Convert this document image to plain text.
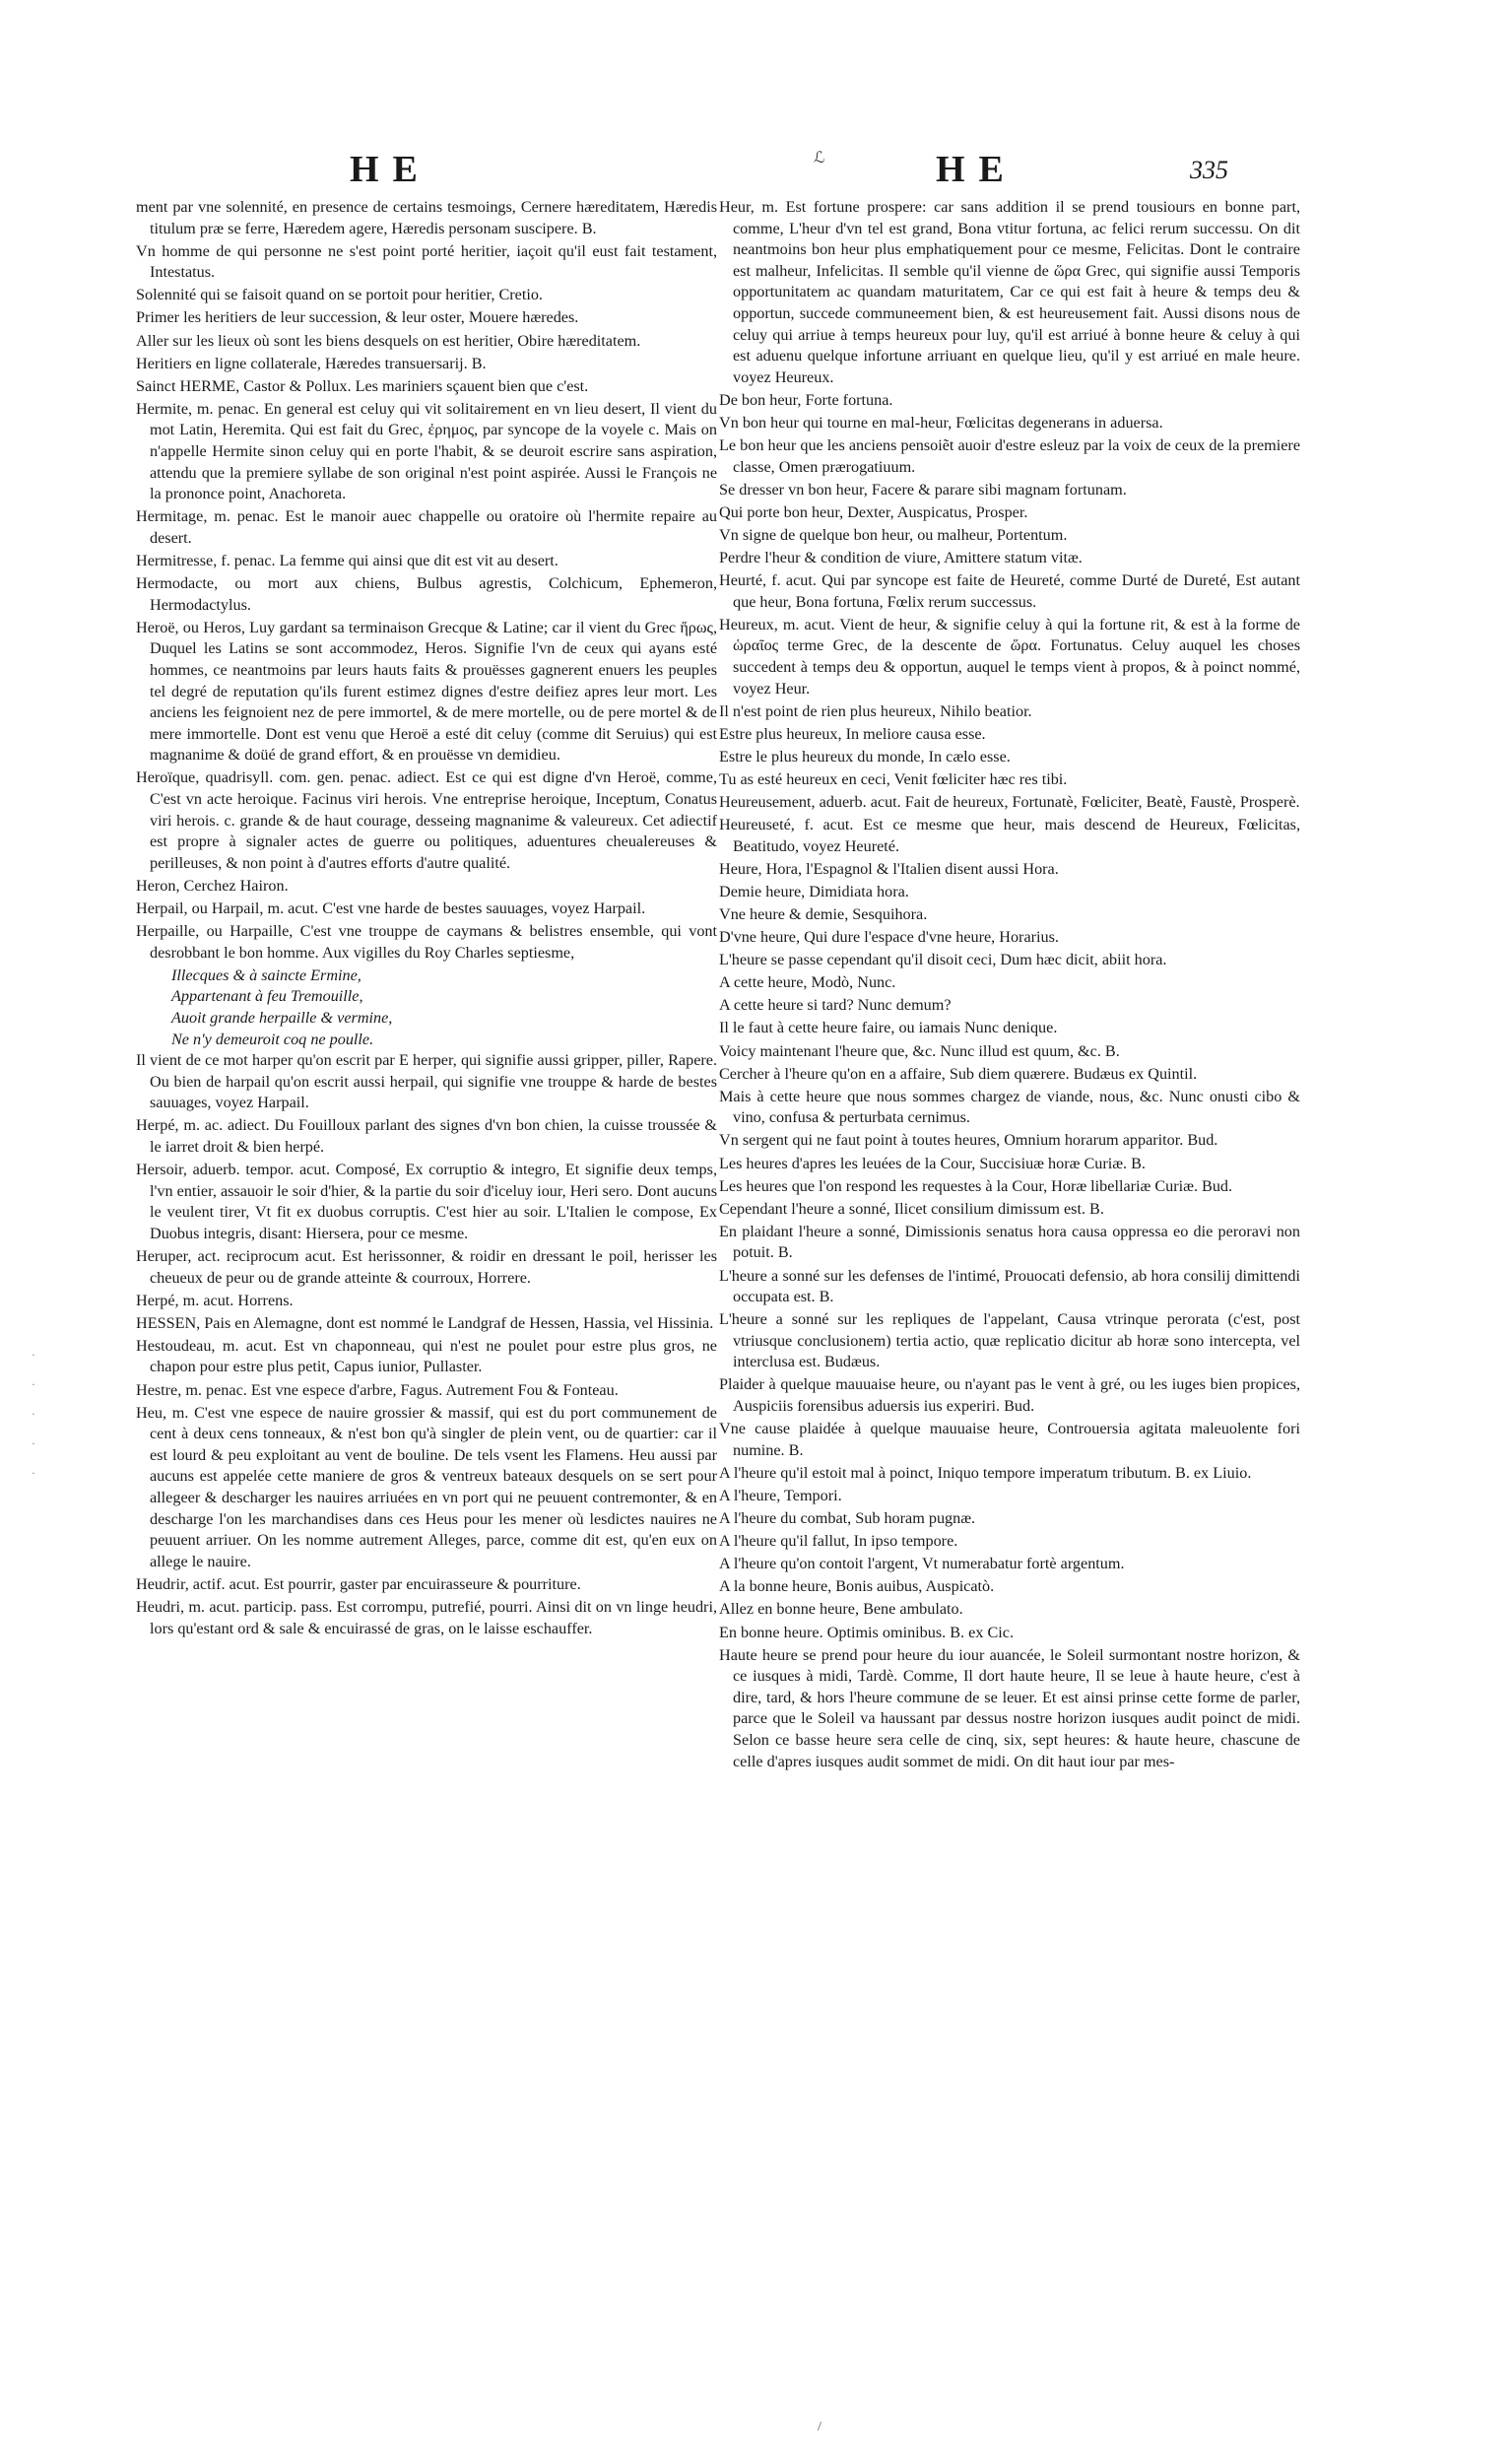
HE	ℒ	HE	335
·
·
·
·
·

ment par vne solennité, en presence de certains tesmoings, Cernere hæreditatem, Hæredis titulum præ se ferre, Hæredem agere, Hæredis personam suscipere. B.

Vn homme de qui personne ne s'est point porté heritier, iaçoit qu'il eust fait testament, Intestatus.

Solennité qui se faisoit quand on se portoit pour heritier, Cretio.

Primer les heritiers de leur succession, & leur oster, Mouere hæredes.

Aller sur les lieux où sont les biens desquels on est heritier, Obire hæreditatem.

Heritiers en ligne collaterale, Hæredes transuersarij. B.

Sainct HERME, Castor & Pollux. Les mariniers sçauent bien que c'est.

Hermite, m. penac. En general est celuy qui vit solitairement en vn lieu desert, Il vient du mot Latin, Heremita. Qui est fait du Grec, ἐρημος, par syncope de la voyele c. Mais on n'appelle Hermite sinon celuy qui en porte l'habit, & se deuroit escrire sans aspiration, attendu que la premiere syllabe de son original n'est point aspirée. Aussi le François ne la prononce point, Anachoreta.

Hermitage, m. penac. Est le manoir auec chappelle ou oratoire où l'hermite repaire au desert.

Hermitresse, f. penac. La femme qui ainsi que dit est vit au desert.

Hermodacte, ou mort aux chiens, Bulbus agrestis, Colchicum, Ephemeron, Hermodactylus.

Heroë, ou Heros, Luy gardant sa terminaison Grecque & Latine; car il vient du Grec ἥρως, Duquel les Latins se sont accommodez, Heros. Signifie l'vn de ceux qui ayans esté hommes, ce neantmoins par leurs hauts faits & prouësses gagnerent enuers les peuples tel degré de reputation qu'ils furent estimez dignes d'estre deifiez apres leur mort. Les anciens les feignoient nez de pere immortel, & de mere mortelle, ou de pere mortel & de mere immortelle. Dont est venu que Heroë a esté dit celuy (comme dit Seruius) qui est magnanime & doüé de grand effort, & en prouësse vn demidieu.

Heroïque, quadrisyll. com. gen. penac. adiect. Est ce qui est digne d'vn Heroë, comme, C'est vn acte heroique. Facinus viri herois. Vne entreprise heroique, Inceptum, Conatus viri herois. c. grande & de haut courage, desseing magnanime & valeureux. Cet adiectif est propre à signaler actes de guerre ou politiques, aduentures cheualereuses & perilleuses, & non point à d'autres efforts d'autre qualité.

Heron, Cerchez Hairon.

Herpail, ou Harpail, m. acut. C'est vne harde de bestes sauuages, voyez Harpail.

Herpaille, ou Harpaille, C'est vne trouppe de caymans & belistres ensemble, qui vont desrobbant le bon homme. Aux vigilles du Roy Charles septiesme,

Illecques & à saincte Ermine,

Appartenant à feu Tremouille,

Auoit grande herpaille & vermine,

Ne n'y demeuroit coq ne poulle.

Il vient de ce mot harper qu'on escrit par E herper, qui signifie aussi gripper, piller, Rapere. Ou bien de harpail qu'on escrit aussi herpail, qui signifie vne trouppe & harde de bestes sauuages, voyez Harpail.

Herpé, m. ac. adiect. Du Fouilloux parlant des signes d'vn bon chien, la cuisse troussée & le iarret droit & bien herpé.

Hersoir, aduerb. tempor. acut. Composé, Ex corruptio & integro, Et signifie deux temps, l'vn entier, assauoir le soir d'hier, & la partie du soir d'iceluy iour, Heri sero. Dont aucuns le veulent tirer, Vt fit ex duobus corruptis. C'est hier au soir. L'Italien le compose, Ex Duobus integris, disant: Hiersera, pour ce mesme.

Heruper, act. reciprocum acut. Est herissonner, & roidir en dressant le poil, herisser les cheueux de peur ou de grande atteinte & courroux, Horrere.

Herpé, m. acut. Horrens.

HESSEN, Pais en Alemagne, dont est nommé le Landgraf de Hessen, Hassia, vel Hissinia.

Hestoudeau, m. acut. Est vn chaponneau, qui n'est ne poulet pour estre plus gros, ne chapon pour estre plus petit, Capus iunior, Pullaster.

Hestre, m. penac. Est vne espece d'arbre, Fagus. Autrement Fou & Fonteau.

Heu, m. C'est vne espece de nauire grossier & massif, qui est du port communement de cent à deux cens tonneaux, & n'est bon qu'à singler de plein vent, ou de quartier: car il est lourd & peu exploitant au vent de bouline. De tels vsent les Flamens. Heu aussi par aucuns est appelée cette maniere de gros & ventreux bateaux desquels on se sert pour allegeer & descharger les nauires arriuées en vn port qui ne peuuent contremonter, & en descharge l'on les marchandises dans ces Heus pour les mener où lesdictes nauires ne peuuent arriuer. On les nomme autrement Alleges, parce, comme dit est, qu'en eux on allege le nauire.

Heudrir, actif. acut. Est pourrir, gaster par encuirasseure & pourriture.

Heudri, m. acut. particip. pass. Est corrompu, putrefié, pourri. Ainsi dit on vn linge heudri, lors qu'estant ord & sale & encuirassé de gras, on le laisse eschauffer.

Heur, m. Est fortune prospere: car sans addition il se prend tousiours en bonne part, comme, L'heur d'vn tel est grand, Bona vtitur fortuna, ac felici rerum successu. On dit neantmoins bon heur plus emphatiquement pour ce mesme, Felicitas. Dont le contraire est malheur, Infelicitas. Il semble qu'il vienne de ὥρα Grec, qui signifie aussi Temporis opportunitatem ac quandam maturitatem, Car ce qui est fait à heure & temps deu & opportun, succede communeement bien, & est heureusement fait. Aussi disons nous de celuy qui arriue à temps heureux pour luy, qu'il est arriué à bonne heure & celuy à qui est aduenu quelque infortune arriuant en quelque lieu, qu'il y est arriué en male heure. voyez Heureux.

De bon heur, Forte fortuna.

Vn bon heur qui tourne en mal-heur, Fœlicitas degenerans in aduersa.

Le bon heur que les anciens pensoiẽt auoir d'estre esleuz par la voix de ceux de la premiere classe, Omen prærogatiuum.

Se dresser vn bon heur, Facere & parare sibi magnam fortunam.

Qui porte bon heur, Dexter, Auspicatus, Prosper.

Vn signe de quelque bon heur, ou malheur, Portentum.

Perdre l'heur & condition de viure, Amittere statum vitæ.

Heurté, f. acut. Qui par syncope est faite de Heureté, comme Durté de Dureté, Est autant que heur, Bona fortuna, Fœlix rerum successus.

Heureux, m. acut. Vient de heur, & signifie celuy à qui la fortune rit, & est à la forme de ὡραῖος terme Grec, de la descente de ὥρα. Fortunatus. Celuy auquel les choses succedent à temps deu & opportun, auquel le temps vient à propos, & à poinct nommé, voyez Heur.

Il n'est point de rien plus heureux, Nihilo beatior.

Estre plus heureux, In meliore causa esse.

Estre le plus heureux du monde, In cælo esse.

Tu as esté heureux en ceci, Venit fœliciter hæc res tibi.

Heureusement, aduerb. acut. Fait de heureux, Fortunatè, Fœliciter, Beatè, Faustè, Prosperè.

Heureuseté, f. acut. Est ce mesme que heur, mais descend de Heureux, Fœlicitas, Beatitudo, voyez Heureté.

Heure, Hora, l'Espagnol & l'Italien disent aussi Hora.

Demie heure, Dimidiata hora.

Vne heure & demie, Sesquihora.

D'vne heure, Qui dure l'espace d'vne heure, Horarius.

L'heure se passe cependant qu'il disoit ceci, Dum hæc dicit, abiit hora.

A cette heure, Modò, Nunc.

A cette heure si tard? Nunc demum?

Il le faut à cette heure faire, ou iamais Nunc denique.

Voicy maintenant l'heure que, &c. Nunc illud est quum, &c. B.

Cercher à l'heure qu'on en a affaire, Sub diem quærere. Budæus ex Quintil.

Mais à cette heure que nous sommes chargez de viande, nous, &c. Nunc onusti cibo & vino, confusa & perturbata cernimus.

Vn sergent qui ne faut point à toutes heures, Omnium horarum apparitor. Bud.

Les heures d'apres les leuées de la Cour, Succisiuæ horæ Curiæ. B.

Les heures que l'on respond les requestes à la Cour, Horæ libellariæ Curiæ. Bud.

Cependant l'heure a sonné, Ilicet consilium dimissum est. B.

En plaidant l'heure a sonné, Dimissionis senatus hora causa oppressa eo die peroravi non potuit. B.

L'heure a sonné sur les defenses de l'intimé, Prouocati defensio, ab hora consilij dimittendi occupata est. B.

L'heure a sonné sur les repliques de l'appelant, Causa vtrinque perorata (c'est, post vtriusque conclusionem) tertia actio, quæ replicatio dicitur ab horæ sono intercepta, vel interclusa est. Budæus.

Plaider à quelque mauuaise heure, ou n'ayant pas le vent à gré, ou les iuges bien propices, Auspiciis forensibus aduersis ius experiri. Bud.

Vne cause plaidée à quelque mauuaise heure, Controuersia agitata maleuolente fori numine. B.

A l'heure qu'il estoit mal à poinct, Iniquo tempore imperatum tributum. B. ex Liuio.

A l'heure, Tempori.

A l'heure du combat, Sub horam pugnæ.

A l'heure qu'il fallut, In ipso tempore.

A l'heure qu'on contoit l'argent, Vt numerabatur fortè argentum.

A la bonne heure, Bonis auibus, Auspicatò.

Allez en bonne heure, Bene ambulato.

En bonne heure. Optimis ominibus. B. ex Cic.

Haute heure se prend pour heure du iour auancée, le Soleil surmontant nostre horizon, & ce iusques à midi, Tardè. Comme, Il dort haute heure, Il se leue à haute heure, c'est à dire, tard, & hors l'heure commune de se leuer. Et est ainsi prinse cette forme de parler, parce que le Soleil va haussant par dessus nostre horizon iusques audit poinct de midi. Selon ce basse heure sera celle de cinq, six, sept heures: & haute heure, chascune de celle d'apres iusques audit sommet de midi. On dit haut iour par mes-

/
